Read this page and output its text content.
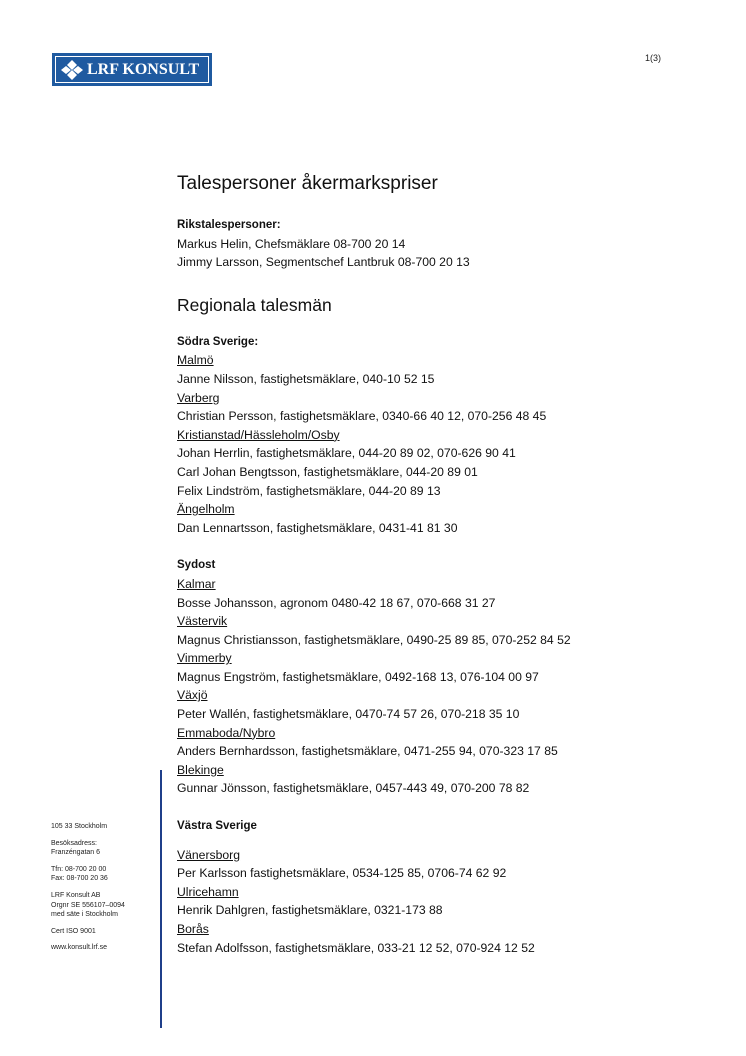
LRF KONSULT
1(3)
Talespersoner åkermarkspriser
Rikstalespersoner:
Markus Helin, Chefsmäklare 08-700 20 14
Jimmy Larsson, Segmentschef Lantbruk 08-700 20 13
Regionala talesmän
Södra Sverige:
Malmö
Janne Nilsson, fastighetsmäklare, 040-10 52 15
Varberg
Christian Persson, fastighetsmäklare, 0340-66 40 12, 070-256 48 45
Kristianstad/Hässleholm/Osby
Johan Herrlin, fastighetsmäklare, 044-20 89 02, 070-626 90 41
Carl Johan Bengtsson, fastighetsmäklare, 044-20 89 01
Felix Lindström, fastighetsmäklare, 044-20 89 13
Ängelholm
Dan Lennartsson, fastighetsmäklare, 0431-41 81 30
Sydost
Kalmar
Bosse Johansson, agronom 0480-42 18 67, 070-668 31 27
Västervik
Magnus Christiansson, fastighetsmäklare, 0490-25 89 85, 070-252 84 52
Vimmerby
Magnus Engström, fastighetsmäklare, 0492-168 13, 076-104 00 97
Växjö
Peter Wallén, fastighetsmäklare, 0470-74 57 26, 070-218 35 10
Emmaboda/Nybro
Anders Bernhardsson, fastighetsmäklare, 0471-255 94, 070-323 17 85
Blekinge
Gunnar Jönsson, fastighetsmäklare, 0457-443 49, 070-200 78 82
Västra Sverige
Vänersborg
Per Karlsson fastighetsmäklare, 0534-125 85, 0706-74 62 92
Ulricehamn
Henrik Dahlgren, fastighetsmäklare, 0321-173 88
Borås
Stefan Adolfsson, fastighetsmäklare, 033-21 12 52, 070-924 12 52
105 33 Stockholm
Besöksadress:
Franzéngatan 6
Tfn: 08-700 20 00
Fax: 08-700 20 36
LRF Konsult AB
Orgnr SE 556107–0094
med säte i Stockholm
Cert ISO 9001
www.konsult.lrf.se
